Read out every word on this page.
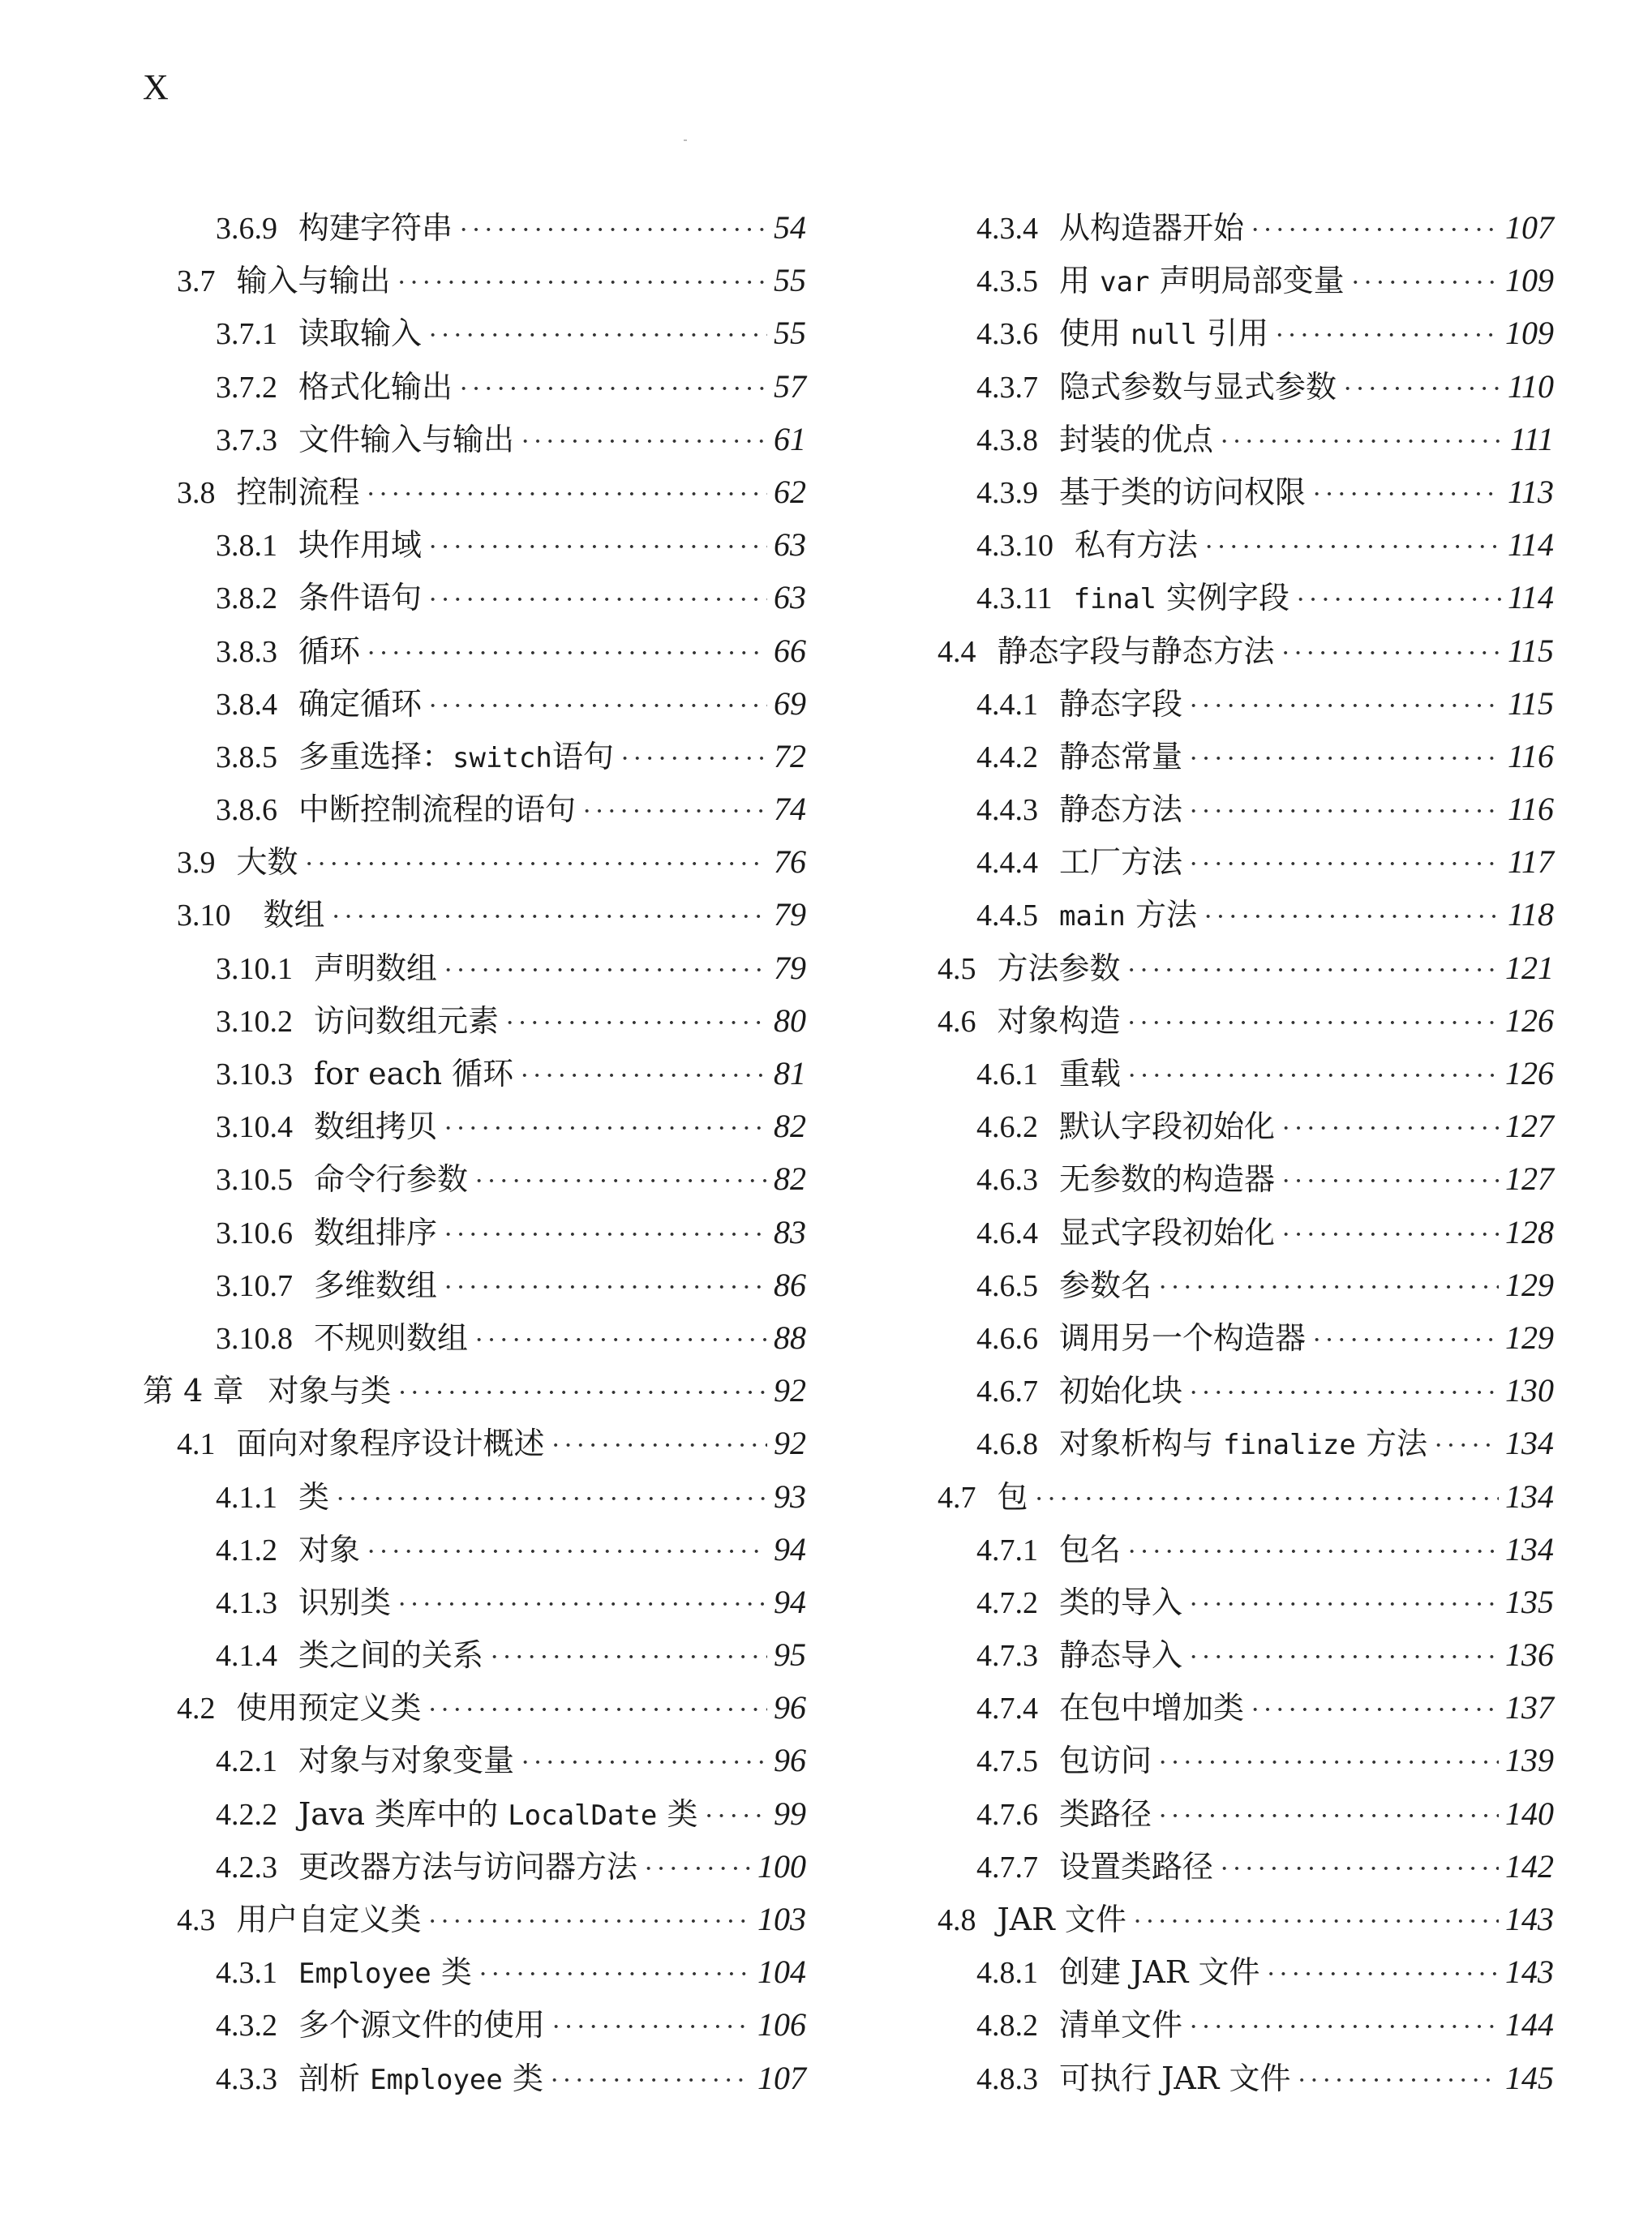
X
3.6.9 构建字符串 ·····	54
3.7 输入与输出 ·····	55
3.7.1 读取输入 ·····	55
3.7.2 格式化输出 ·····	57
3.7.3 文件输入与输出 ·····	61
3.8 控制流程 ·····	62
3.8.1 块作用域 ·····	63
3.8.2 条件语句 ·····	63
3.8.3 循环 ·····	66
3.8.4 确定循环 ·····	69
3.8.5 多重选择：switch语句 ·····	72
3.8.6 中断控制流程的语句 ·····	74
3.9 大数 ·····	76
3.10 数组 ·····	79
3.10.1 声明数组 ·····	79
3.10.2 访问数组元素 ·····	80
3.10.3 for each 循环 ·····	81
3.10.4 数组拷贝 ·····	82
3.10.5 命令行参数 ·····	82
3.10.6 数组排序 ·····	83
3.10.7 多维数组 ·····	86
3.10.8 不规则数组 ·····	88
第 4 章 对象与类 ·····	92
4.1 面向对象程序设计概述 ·····	92
4.1.1 类 ·····	93
4.1.2 对象 ·····	94
4.1.3 识别类 ·····	94
4.1.4 类之间的关系 ·····	95
4.2 使用预定义类 ·····	96
4.2.1 对象与对象变量 ·····	96
4.2.2 Java 类库中的 LocalDate 类 ····· 99
4.2.3 更改器方法与访问器方法 ·····	100
4.3 用户自定义类 ·····	103
4.3.1 Employee 类 ·····	104
4.3.2 多个源文件的使用 ·····	106
4.3.3 剖析 Employee 类 ·····	107
4.3.4 从构造器开始 ·····	107
4.3.5 用 var 声明局部变量 ·····	109
4.3.6 使用 null 引用 ·····	109
4.3.7 隐式参数与显式参数 ·····	110
4.3.8 封装的优点 ·····	111
4.3.9 基于类的访问权限 ·····	113
4.3.10 私有方法 ·····	114
4.3.11 final 实例字段 ·····	114
4.4 静态字段与静态方法 ·····	115
4.4.1 静态字段 ·····	115
4.4.2 静态常量 ·····	116
4.4.3 静态方法 ·····	116
4.4.4 工厂方法 ·····	117
4.4.5 main 方法 ·····	118
4.5 方法参数 ·····	121
4.6 对象构造 ·····	126
4.6.1 重载 ·····	126
4.6.2 默认字段初始化 ·····	127
4.6.3 无参数的构造器 ·····	127
4.6.4 显式字段初始化 ·····	128
4.6.5 参数名 ·····	129
4.6.6 调用另一个构造器 ·····	129
4.6.7 初始化块 ·····	130
4.6.8 对象析构与 finalize 方法 ····· 134
4.7 包 ·····	134
4.7.1 包名 ·····	134
4.7.2 类的导入 ·····	135
4.7.3 静态导入 ·····	136
4.7.4 在包中增加类 ·····	137
4.7.5 包访问 ·····	139
4.7.6 类路径 ·····	140
4.7.7 设置类路径 ·····	142
4.8 JAR 文件 ·····	143
4.8.1 创建 JAR 文件 ·····	143
4.8.2 清单文件 ·····	144
4.8.3 可执行 JAR 文件 ·····	145
